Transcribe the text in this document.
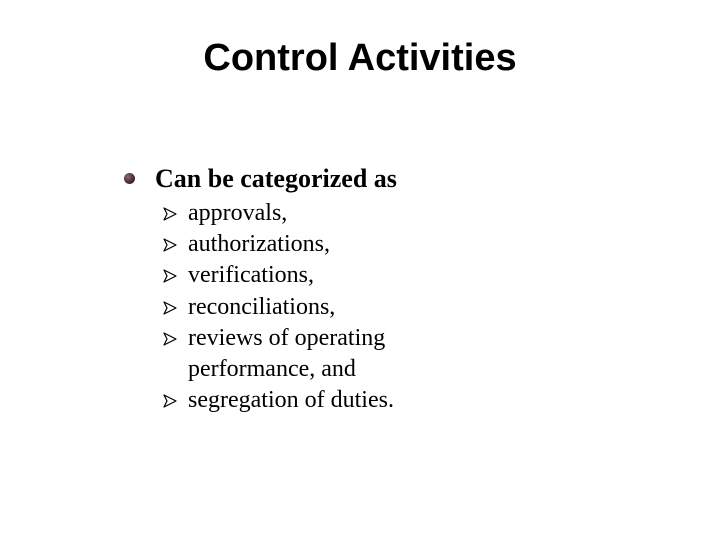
Control Activities
Can be categorized as
approvals,
authorizations,
verifications,
reconciliations,
reviews of operating performance, and
segregation of duties.
